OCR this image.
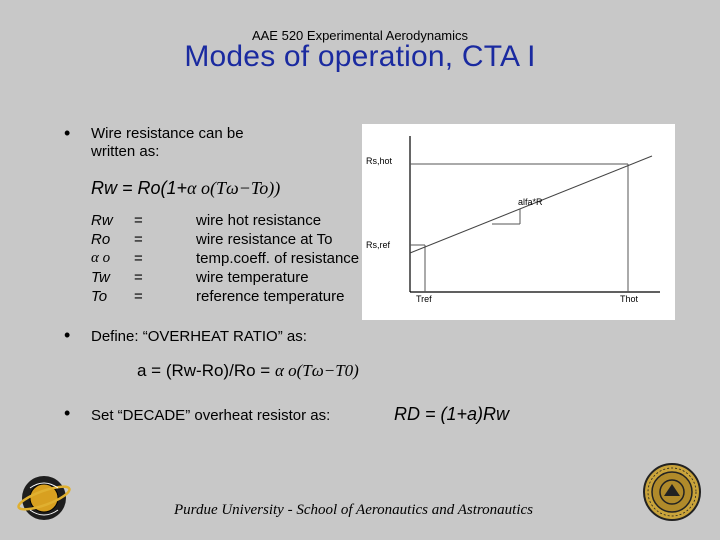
AAE 520 Experimental Aerodynamics
Modes of operation, CTA I
• Wire resistance can be
written as:
Rw = Ro(1+α o(Tω−To))
Rw	=	wire hot resistance
Ro	=	wire resistance at To
α o	=	temp.coeff. of resistance
Tw	=	wire temperature
To	=	reference temperature
Rs,hot
alfa*R
Rs,ref
Tref	Thot
• Define: “OVERHEAT RATIO” as:
a = (Rw-Ro)/Ro = α o(Tω−T0)
• Set “DECADE” overheat resistor as:	RD = (1+a)Rw
Purdue University - School of Aeronautics and Astronautics
